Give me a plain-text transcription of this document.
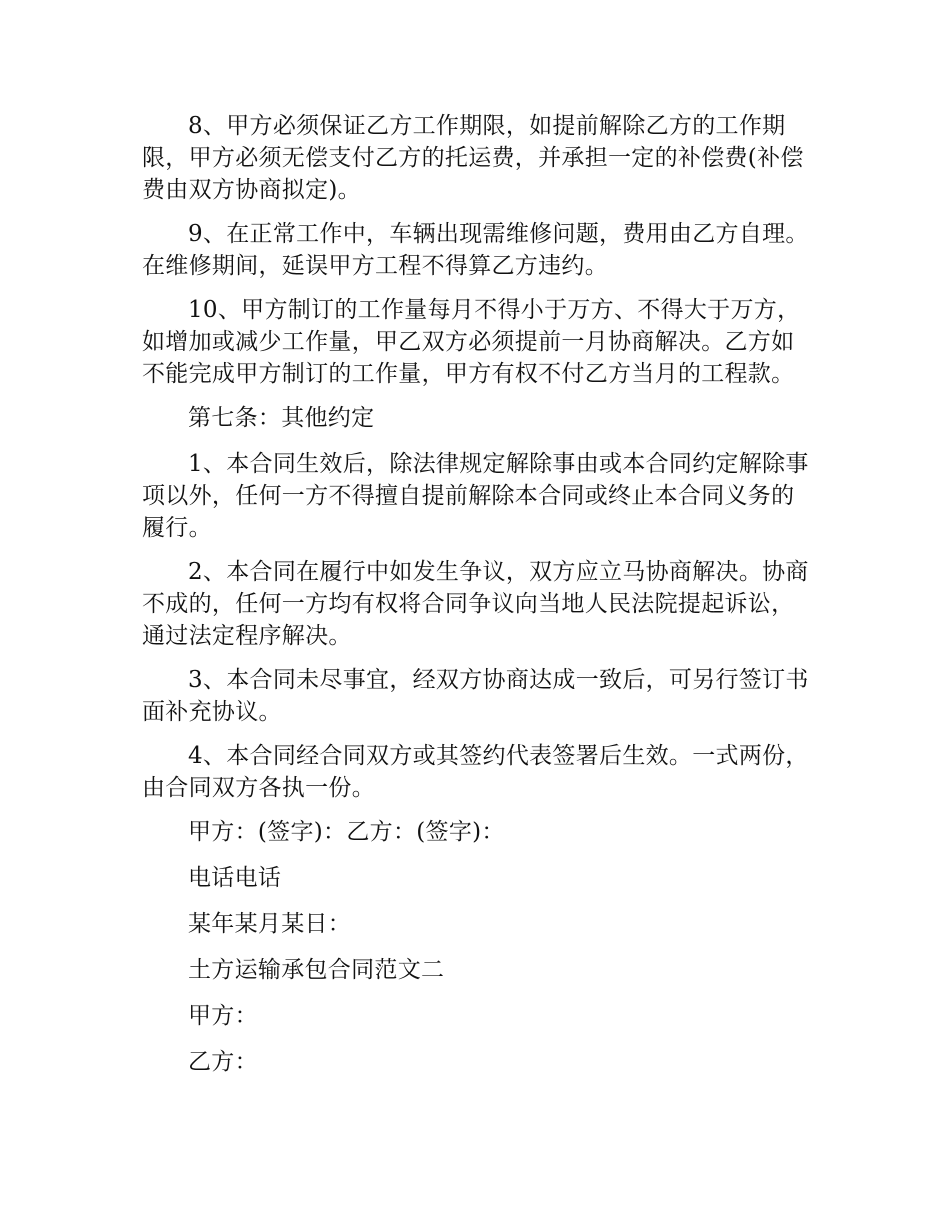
8、甲方必须保证乙方工作期限，如提前解除乙方的工作期限，甲方必须无偿支付乙方的托运费，并承担一定的补偿费(补偿费由双方协商拟定)。

9、在正常工作中，车辆出现需维修问题，费用由乙方自理。在维修期间，延误甲方工程不得算乙方违约。

10、甲方制订的工作量每月不得小于万方、不得大于万方，如增加或减少工作量，甲乙双方必须提前一月协商解决。乙方如不能完成甲方制订的工作量，甲方有权不付乙方当月的工程款。

第七条：其他约定

1、本合同生效后，除法律规定解除事由或本合同约定解除事项以外，任何一方不得擅自提前解除本合同或终止本合同义务的履行。

2、本合同在履行中如发生争议，双方应立马协商解决。协商不成的，任何一方均有权将合同争议向当地人民法院提起诉讼，通过法定程序解决。

3、本合同未尽事宜，经双方协商达成一致后，可另行签订书面补充协议。

4、本合同经合同双方或其签约代表签署后生效。一式两份，由合同双方各执一份。

甲方：(签字)：乙方：(签字)：

电话电话

某年某月某日：

土方运输承包合同范文二

甲方：

乙方：
